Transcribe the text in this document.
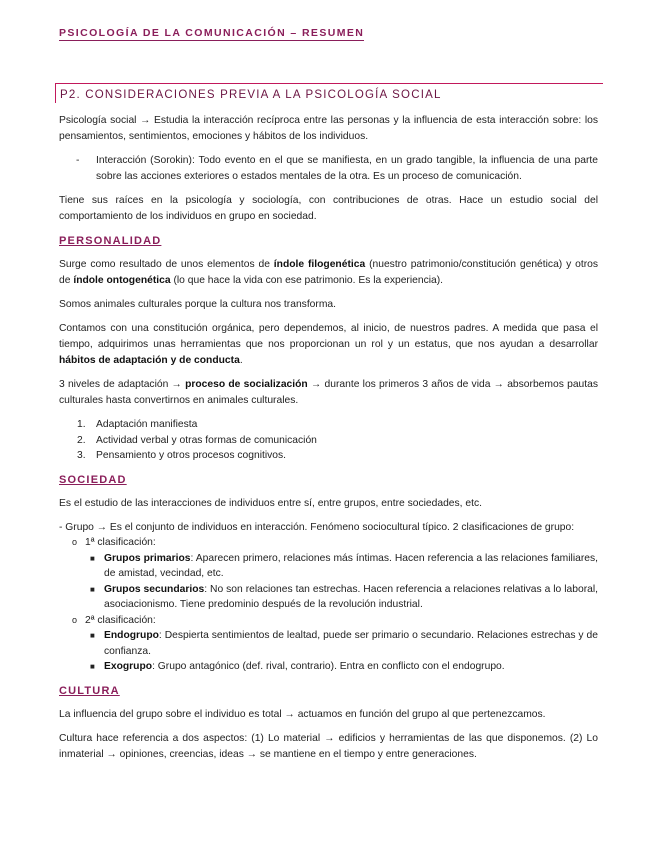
PSICOLOGÍA DE LA COMUNICACIÓN – RESUMEN
P2. CONSIDERACIONES PREVIA A LA PSICOLOGÍA SOCIAL

Psicología social → Estudia la interacción recíproca entre las personas y la influencia de esta interacción sobre: los pensamientos, sentimientos, emociones y hábitos de los individuos.

- Interacción (Sorokin): Todo evento en el que se manifiesta, en un grado tangible, la influencia de una parte sobre las acciones exteriores o estados mentales de la otra. Es un proceso de comunicación.

Tiene sus raíces en la psicología y sociología, con contribuciones de otras. Hace un estudio social del comportamiento de los individuos en grupo en sociedad.

PERSONALIDAD

Surge como resultado de unos elementos de índole filogenética (nuestro patrimonio/constitución genética) y otros de índole ontogenética (lo que hace la vida con ese patrimonio. Es la experiencia).

Somos animales culturales porque la cultura nos transforma.

Contamos con una constitución orgánica, pero dependemos, al inicio, de nuestros padres. A medida que pasa el tiempo, adquirimos unas herramientas que nos proporcionan un rol y un estatus, que nos ayudan a desarrollar hábitos de adaptación y de conducta.

3 niveles de adaptación → proceso de socialización → durante los primeros 3 años de vida → absorbemos pautas culturales hasta convertirnos en animales culturales.

1. Adaptación manifiesta
2. Actividad verbal y otras formas de comunicación
3. Pensamiento y otros procesos cognitivos.
SOCIEDAD

Es el estudio de las interacciones de individuos entre sí, entre grupos, entre sociedades, etc.

- Grupo → Es el conjunto de individuos en interacción. Fenómeno sociocultural típico. 2 clasificaciones de grupo:
o 1ª clasificación:
■ Grupos primarios: Aparecen primero, relaciones más íntimas. Hacen referencia a las relaciones familiares, de amistad, vecindad, etc.
■ Grupos secundarios: No son relaciones tan estrechas. Hacen referencia a relaciones relativas a lo laboral, asociacionismo. Tiene predominio después de la revolución industrial.
o 2ª clasificación:
■ Endogrupo: Despierta sentimientos de lealtad, puede ser primario o secundario. Relaciones estrechas y de confianza.
■ Exogrupo: Grupo antagónico (def. rival, contrario). Entra en conflicto con el endogrupo.
CULTURA

La influencia del grupo sobre el individuo es total → actuamos en función del grupo al que pertenezcamos.

Cultura hace referencia a dos aspectos: (1) Lo material → edificios y herramientas de las que disponemos. (2) Lo inmaterial → opiniones, creencias, ideas → se mantiene en el tiempo y entre generaciones.
